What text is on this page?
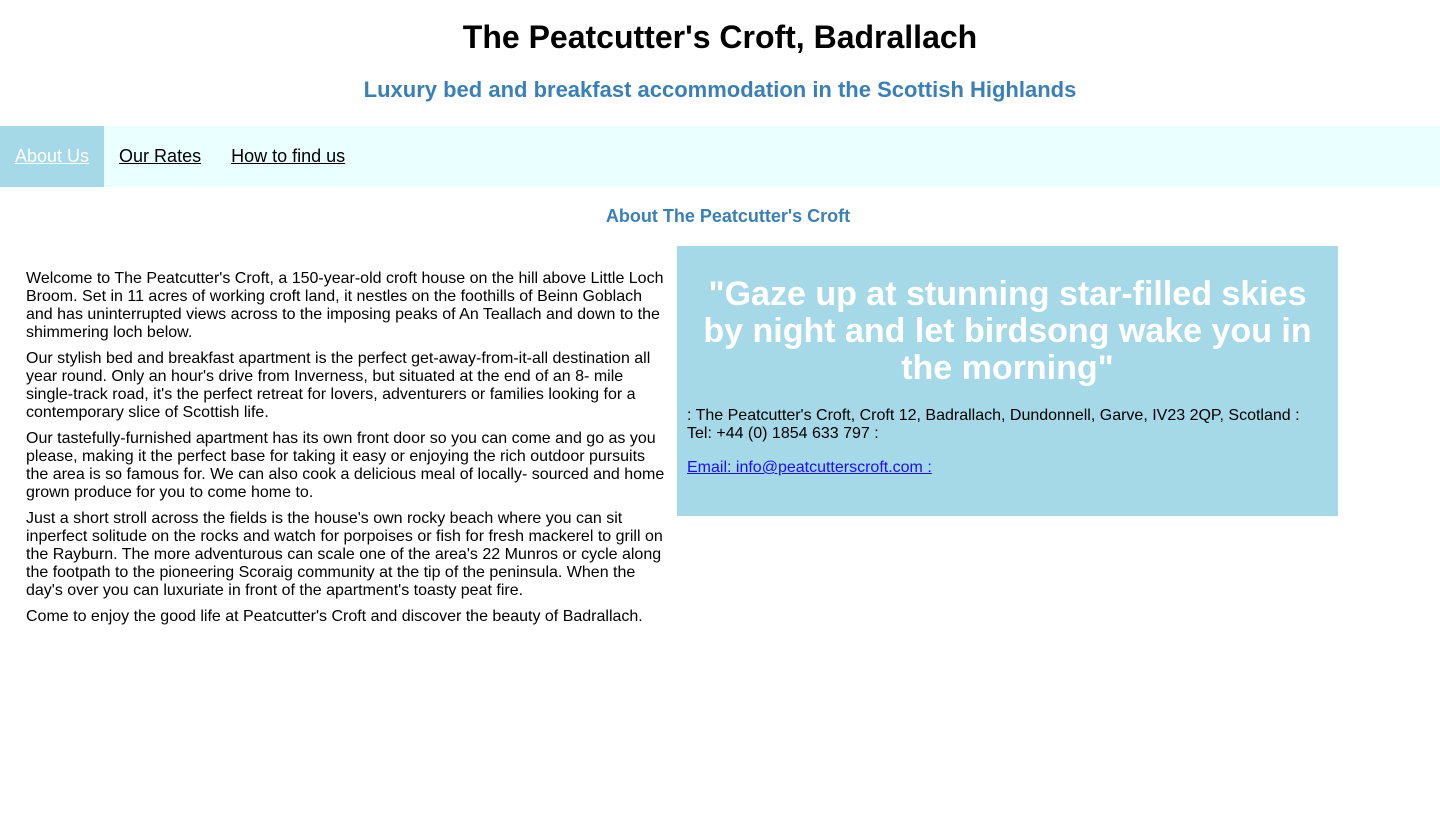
The Peatcutter's Croft, Badrallach
Luxury bed and breakfast accommodation in the Scottish Highlands
About Us	Our Rates	How to find us
About The Peatcutter's Croft

Welcome to The Peatcutter's Croft, a 150-year-old croft house on the hill above Little Loch Broom. Set in 11 acres of working croft land, it nestles on the foothills of Beinn Goblach and has uninterrupted views across to the imposing peaks of An Teallach and down to the shimmering loch below.

Our stylish bed and breakfast apartment is the perfect get-away-from-it-all destination all year round. Only an hour's drive from Inverness, but situated at the end of an 8- mile single-track road, it's the perfect retreat for lovers, adventurers or families looking for a contemporary slice of Scottish life.

Our tastefully-furnished apartment has its own front door so you can come and go as you please, making it the perfect base for taking it easy or enjoying the rich outdoor pursuits the area is so famous for. We can also cook a delicious meal of locally- sourced and home grown produce for you to come home to.

Just a short stroll across the fields is the house's own rocky beach where you can sit inperfect solitude on the rocks and watch for porpoises or fish for fresh mackerel to grill on the Rayburn. The more adventurous can scale one of the area's 22 Munros or cycle along the footpath to the pioneering Scoraig community at the tip of the peninsula. When the day's over you can luxuriate in front of the apartment's toasty peat fire.

Come to enjoy the good life at Peatcutter's Croft and discover the beauty of Badrallach.

"Gaze up at stunning star-filled skies by night and let birdsong wake you in the morning"

: The Peatcutter's Croft, Croft 12, Badrallach, Dundonnell, Garve, IV23 2QP, Scotland : Tel: +44 (0) 1854 633 797 :

Email: info@peatcutterscroft.com :
